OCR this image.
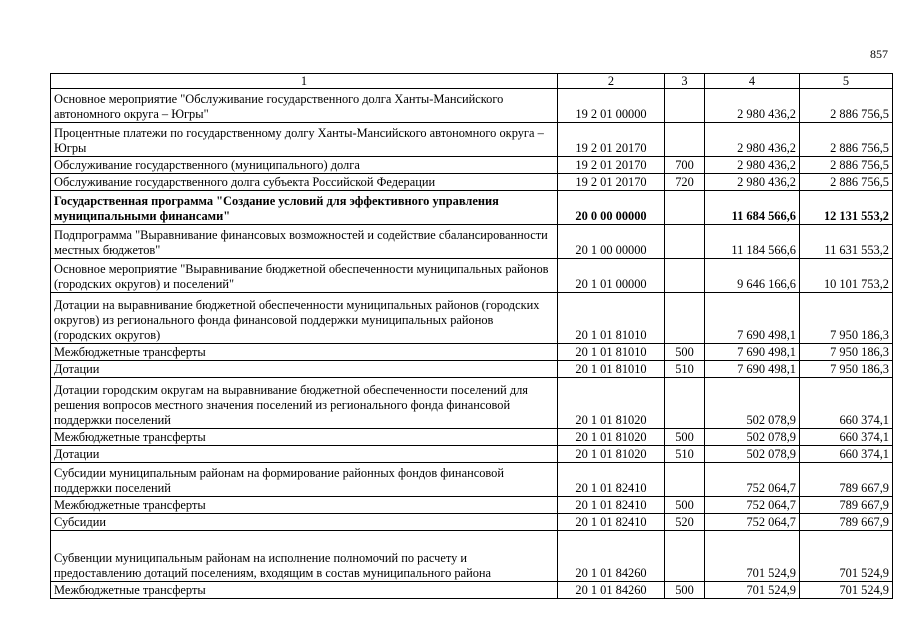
857
1	2	3	4	5
Основное мероприятие "Обслуживание государственного долга Ханты-Мансийского автономного округа – Югры"	19 2 01 00000		2 980 436,2	2 886 756,5
Процентные платежи по государственному долгу Ханты-Мансийского автономного округа – Югры	19 2 01 20170		2 980 436,2	2 886 756,5
Обслуживание государственного (муниципального) долга	19 2 01 20170	700	2 980 436,2	2 886 756,5
Обслуживание государственного долга субъекта Российской Федерации	19 2 01 20170	720	2 980 436,2	2 886 756,5
Государственная программа "Создание условий для эффективного управления муниципальными финансами"	20 0 00 00000		11 684 566,6	12 131 553,2
Подпрограмма "Выравнивание финансовых возможностей и содействие сбалансированности местных бюджетов"	20 1 00 00000		11 184 566,6	11 631 553,2
Основное мероприятие "Выравнивание бюджетной обеспеченности муниципальных районов (городских округов) и поселений"	20 1 01 00000		9 646 166,6	10 101 753,2
Дотации на выравнивание бюджетной обеспеченности муниципальных районов (городских округов) из регионального фонда финансовой поддержки муниципальных районов (городских округов)	20 1 01 81010		7 690 498,1	7 950 186,3
Межбюджетные трансферты	20 1 01 81010	500	7 690 498,1	7 950 186,3
Дотации	20 1 01 81010	510	7 690 498,1	7 950 186,3
Дотации городским округам на выравнивание бюджетной обеспеченности поселений для решения вопросов местного значения поселений из регионального фонда финансовой поддержки поселений	20 1 01 81020		502 078,9	660 374,1
Межбюджетные трансферты	20 1 01 81020	500	502 078,9	660 374,1
Дотации	20 1 01 81020	510	502 078,9	660 374,1
Субсидии муниципальным районам на формирование районных фондов финансовой поддержки поселений	20 1 01 82410		752 064,7	789 667,9
Межбюджетные трансферты	20 1 01 82410	500	752 064,7	789 667,9
Субсидии	20 1 01 82410	520	752 064,7	789 667,9
Субвенции муниципальным районам на исполнение полномочий по расчету и предоставлению дотаций поселениям, входящим в состав муниципального района	20 1 01 84260		701 524,9	701 524,9
Межбюджетные трансферты	20 1 01 84260	500	701 524,9	701 524,9
